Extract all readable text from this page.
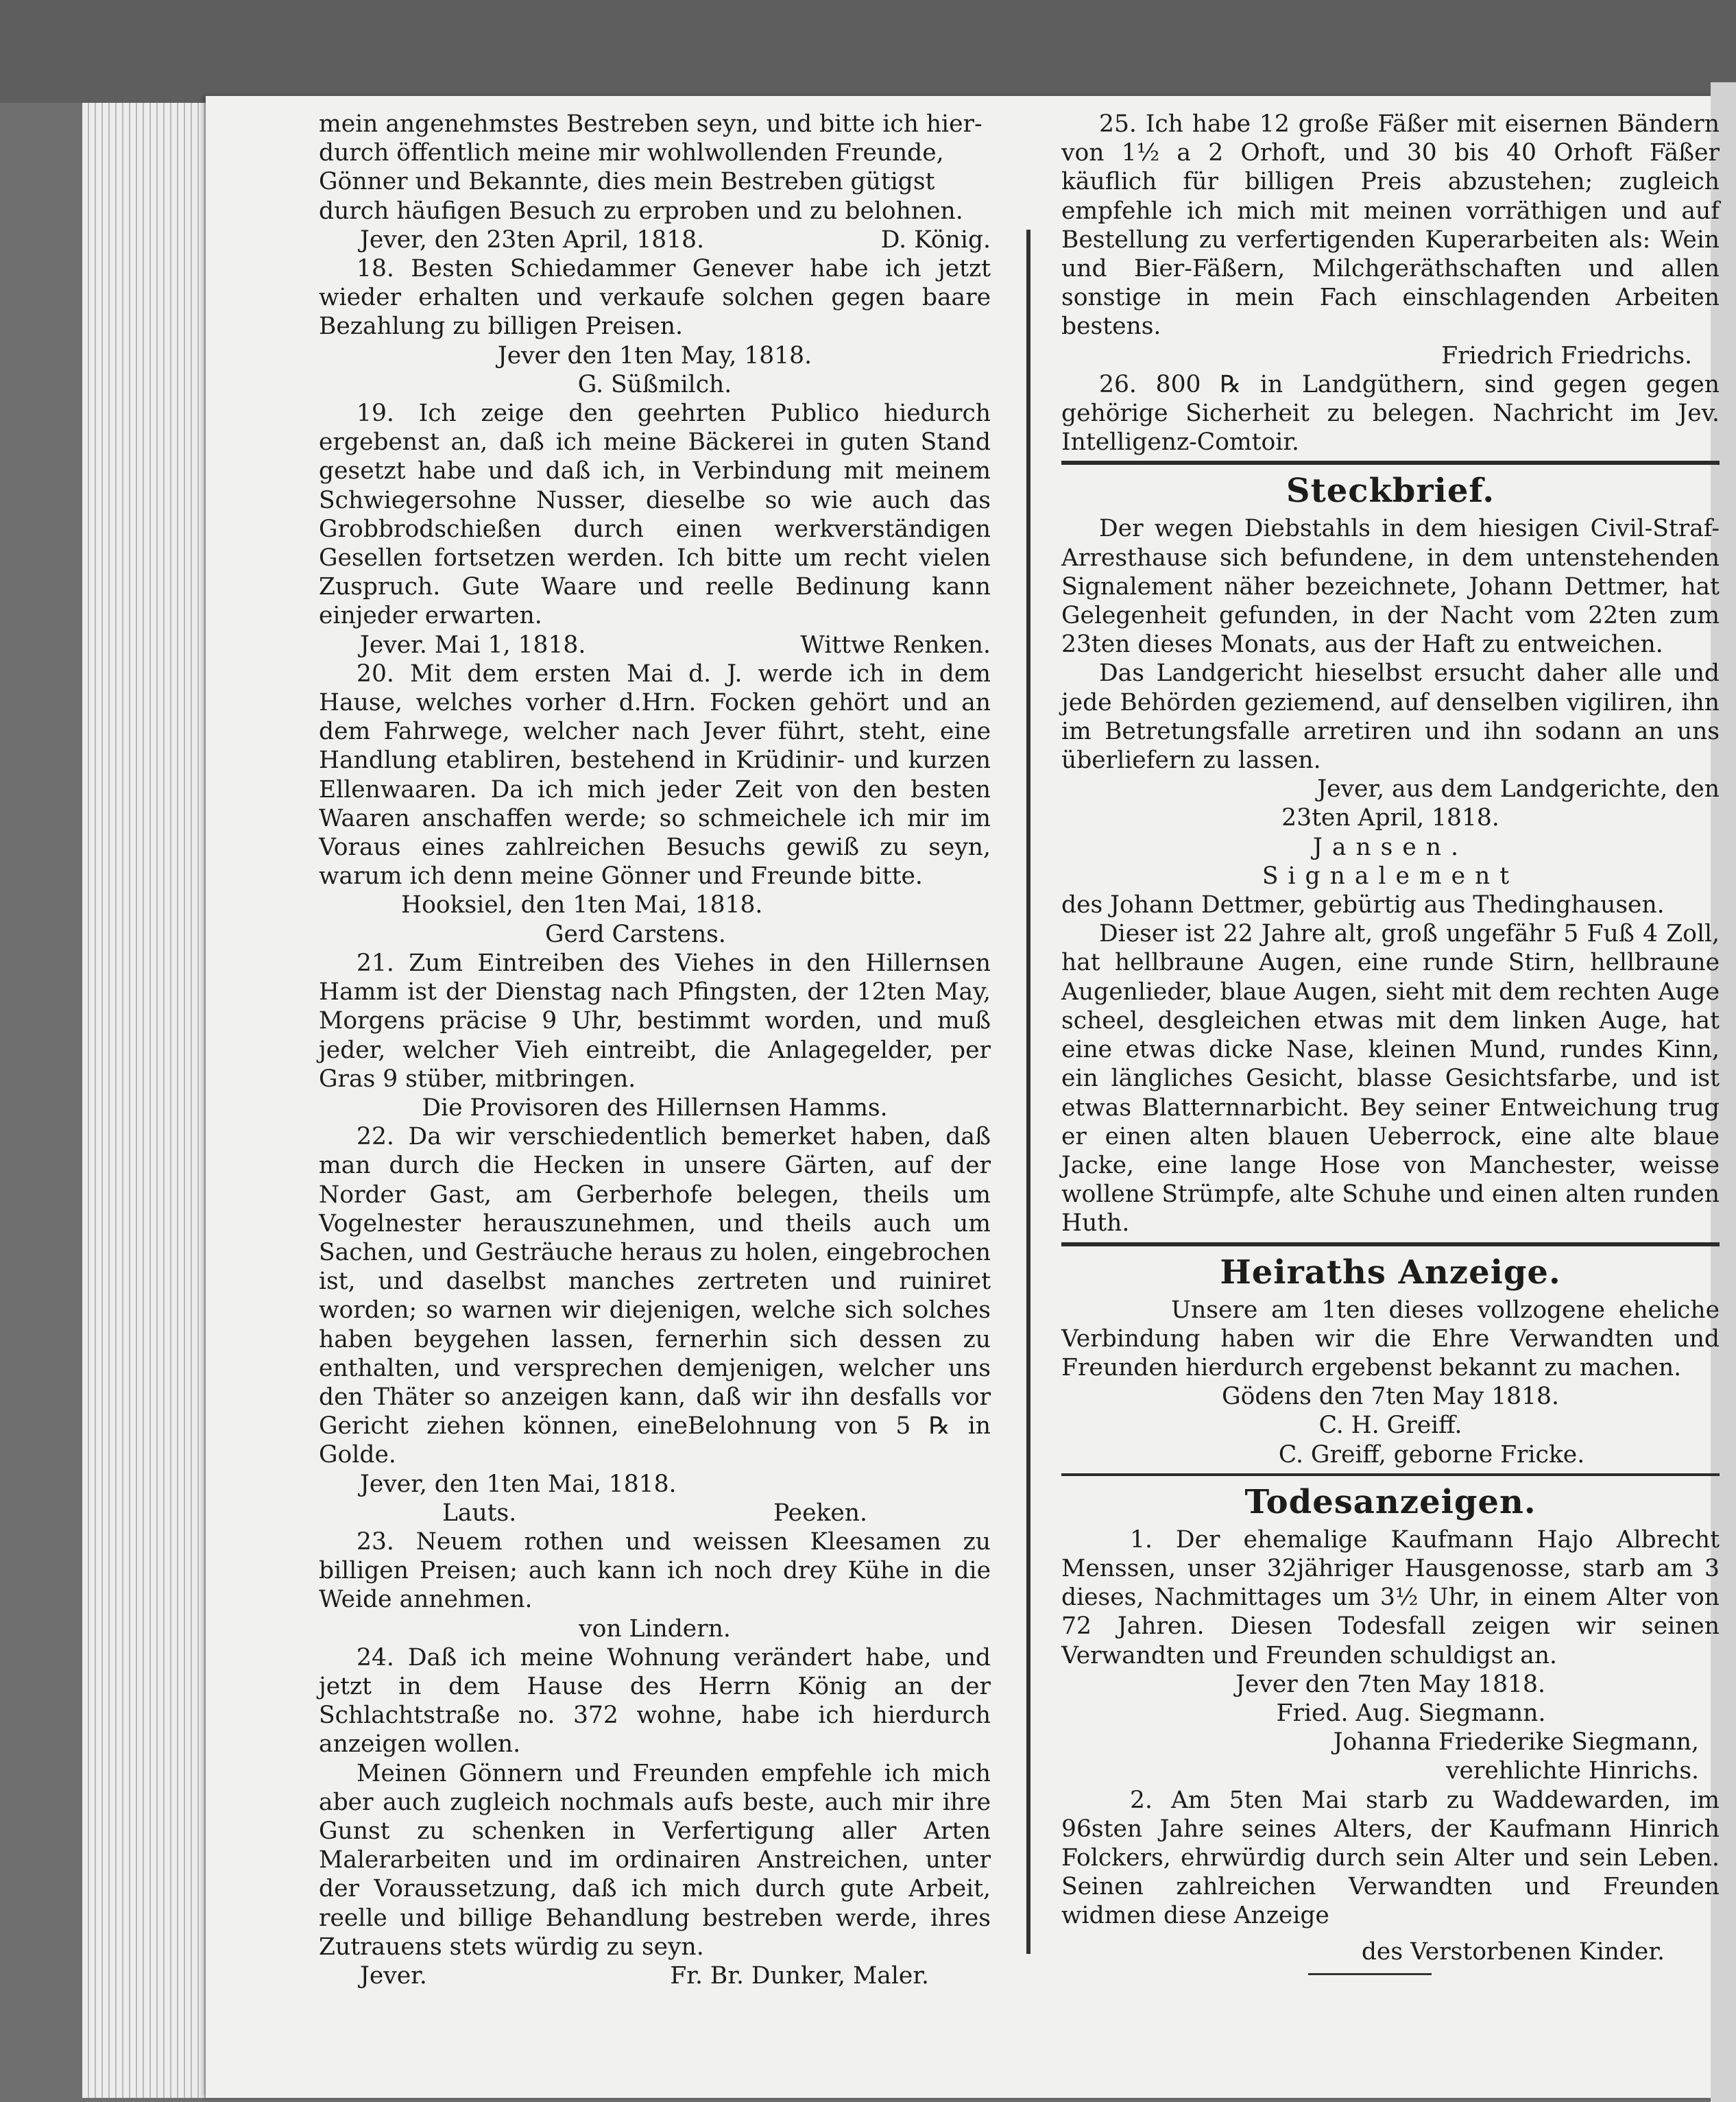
mein angenehmstes Bestreben seyn, und bitte ich hier-
durch öffentlich meine mir wohlwollenden Freunde,
Gönner und Bekannte, dies mein Bestreben gütigst
durch häufigen Besuch zu erproben und zu belohnen.

Jever, den 23ten April, 1818.	D. König.

18. Besten Schiedammer Genever habe ich jetzt wieder erhalten und verkaufe solchen gegen baare Bezahlung zu billigen Preisen.

Jever den 1ten May, 1818.

G. Süßmilch.

19. Ich zeige den geehrten Publico hiedurch ergebenst an, daß ich meine Bäckerei in guten Stand gesetzt habe und daß ich, in Verbindung mit meinem Schwiegersohne Nusser, dieselbe so wie auch das Grobbrodschießen durch einen werkverständigen Gesellen fortsetzen werden. Ich bitte um recht vielen Zuspruch. Gute Waare und reelle Bedinung kann einjeder erwarten.

Jever. Mai 1, 1818.	Wittwe Renken.

20. Mit dem ersten Mai d. J. werde ich in dem Hause, welches vorher d.Hrn. Focken gehört und an dem Fahrwege, welcher nach Jever führt, steht, eine Handlung etabliren, bestehend in Krüdinir- und kurzen Ellenwaaren. Da ich mich jeder Zeit von den besten Waaren anschaffen werde; so schmeichele ich mir im Voraus eines zahlreichen Besuchs gewiß zu seyn, warum ich denn meine Gönner und Freunde bitte.

Hooksiel, den 1ten Mai, 1818.

Gerd Carstens.

21. Zum Eintreiben des Viehes in den Hillernsen Hamm ist der Dienstag nach Pfingsten, der 12ten May, Morgens präcise 9 Uhr, bestimmt worden, und muß jeder, welcher Vieh eintreibt, die Anlagegelder, per Gras 9 stüber, mitbringen.

Die Provisoren des Hillernsen Hamms.

22. Da wir verschiedentlich bemerket haben, daß man durch die Hecken in unsere Gärten, auf der Norder Gast, am Gerberhofe belegen, theils um Vogelnester herauszunehmen, und theils auch um Sachen, und Gesträuche heraus zu holen, eingebrochen ist, und daselbst manches zertreten und ruiniret worden; so warnen wir diejenigen, welche sich solches haben beygehen lassen, fernerhin sich dessen zu enthalten, und versprechen demjenigen, welcher uns den Thäter so anzeigen kann, daß wir ihn desfalls vor Gericht ziehen können, eineBelohnung von 5 ℞ in Golde.

Jever, den 1ten Mai, 1818.

Lauts.	Peeken.

23. Neuem rothen und weissen Kleesamen zu billigen Preisen; auch kann ich noch drey Kühe in die Weide annehmen.

von Lindern.

24. Daß ich meine Wohnung verändert habe, und jetzt in dem Hause des Herrn König an der Schlachtstraße no. 372 wohne, habe ich hierdurch anzeigen wollen.

Meinen Gönnern und Freunden empfehle ich mich aber auch zugleich nochmals aufs beste, auch mir ihre Gunst zu schenken in Verfertigung aller Arten Malerarbeiten und im ordinairen Anstreichen, unter der Voraussetzung, daß ich mich durch gute Arbeit, reelle und billige Behandlung bestreben werde, ihres Zutrauens stets würdig zu seyn.

Jever.	Fr. Br. Dunker, Maler.

25. Ich habe 12 große Fäßer mit eisernen Bändern von 1½ a 2 Orhoft, und 30 bis 40 Orhoft Fäßer käuflich für billigen Preis abzustehen; zugleich empfehle ich mich mit meinen vorräthigen und auf Bestellung zu verfertigenden Kuperarbeiten als: Wein und Bier-Fäßern, Milchgeräthschaften und allen sonstige in mein Fach einschlagenden Arbeiten bestens.

Friedrich Friedrichs.

26. 800 ℞ in Landgüthern, sind gegen gegen gehörige Sicherheit zu belegen. Nachricht im Jev. Intelligenz-Comtoir.

Steckbrief.

Der wegen Diebstahls in dem hiesigen Civil-Straf-Arresthause sich befundene, in dem untenstehenden Signalement näher bezeichnete, Johann Dettmer, hat Gelegenheit gefunden, in der Nacht vom 22ten zum 23ten dieses Monats, aus der Haft zu entweichen.

Das Landgericht hieselbst ersucht daher alle und jede Behörden geziemend, auf denselben vigiliren, ihn im Betretungsfalle arretiren und ihn sodann an uns überliefern zu lassen.

Jever, aus dem Landgerichte, den

23ten April, 1818.

Jansen.

Signalement

des Johann Dettmer, gebürtig aus Thedinghausen.

Dieser ist 22 Jahre alt, groß ungefähr 5 Fuß 4 Zoll, hat hellbraune Augen, eine runde Stirn, hellbraune Augenlieder, blaue Augen, sieht mit dem rechten Auge scheel, desgleichen etwas mit dem linken Auge, hat eine etwas dicke Nase, kleinen Mund, rundes Kinn, ein längliches Gesicht, blasse Gesichtsfarbe, und ist etwas Blatternnarbicht. Bey seiner Entweichung trug er einen alten blauen Ueberrock, eine alte blaue Jacke, eine lange Hose von Manchester, weisse wollene Strümpfe, alte Schuhe und einen alten runden Huth.

Heiraths Anzeige.

Unsere am 1ten dieses vollzogene eheliche Verbindung haben wir die Ehre Verwandten und Freunden hierdurch ergebenst bekannt zu machen.

Gödens den 7ten May 1818.

C. H. Greiff.

C. Greiff, geborne Fricke.

Todesanzeigen.

1. Der ehemalige Kaufmann Hajo Albrecht Menssen, unser 32jähriger Hausgenosse, starb am 3 dieses, Nachmittages um 3½ Uhr, in einem Alter von 72 Jahren. Diesen Todesfall zeigen wir seinen Verwandten und Freunden schuldigst an.

Jever den 7ten May 1818.

Fried. Aug. Siegmann.

Johanna Friederike Siegmann,

verehlichte Hinrichs.

2. Am 5ten Mai starb zu Waddewarden, im 96sten Jahre seines Alters, der Kaufmann Hinrich Folckers, ehrwürdig durch sein Alter und sein Leben. Seinen zahlreichen Verwandten und Freunden widmen diese Anzeige

des Verstorbenen Kinder.
